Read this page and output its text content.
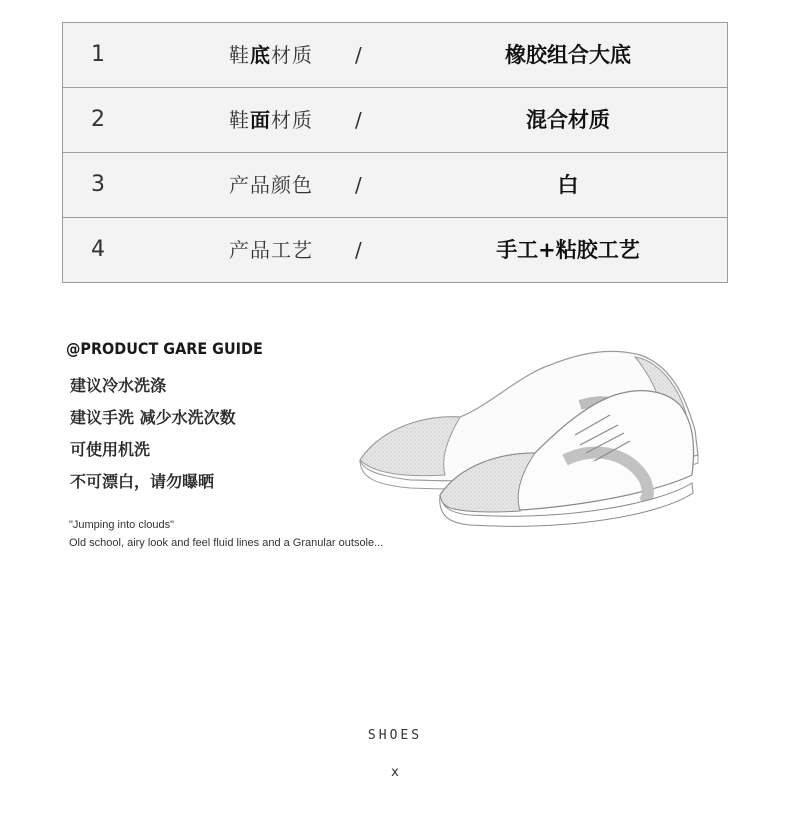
1	鞋底材质 /	橡胶组合大底
2	鞋面材质 /	混合材质
3	产品颜色 /	白
4	产品工艺 /	手工+粘胶工艺
@PRODUCT GARE GUIDE
建议冷水洗涤
建议手洗 减少水洗次数
可使用机洗
不可漂白，请勿曝晒
"Jumping into clouds"
Old school, airy look and feel fluid lines and a Granular outsole...
SHOES
x
